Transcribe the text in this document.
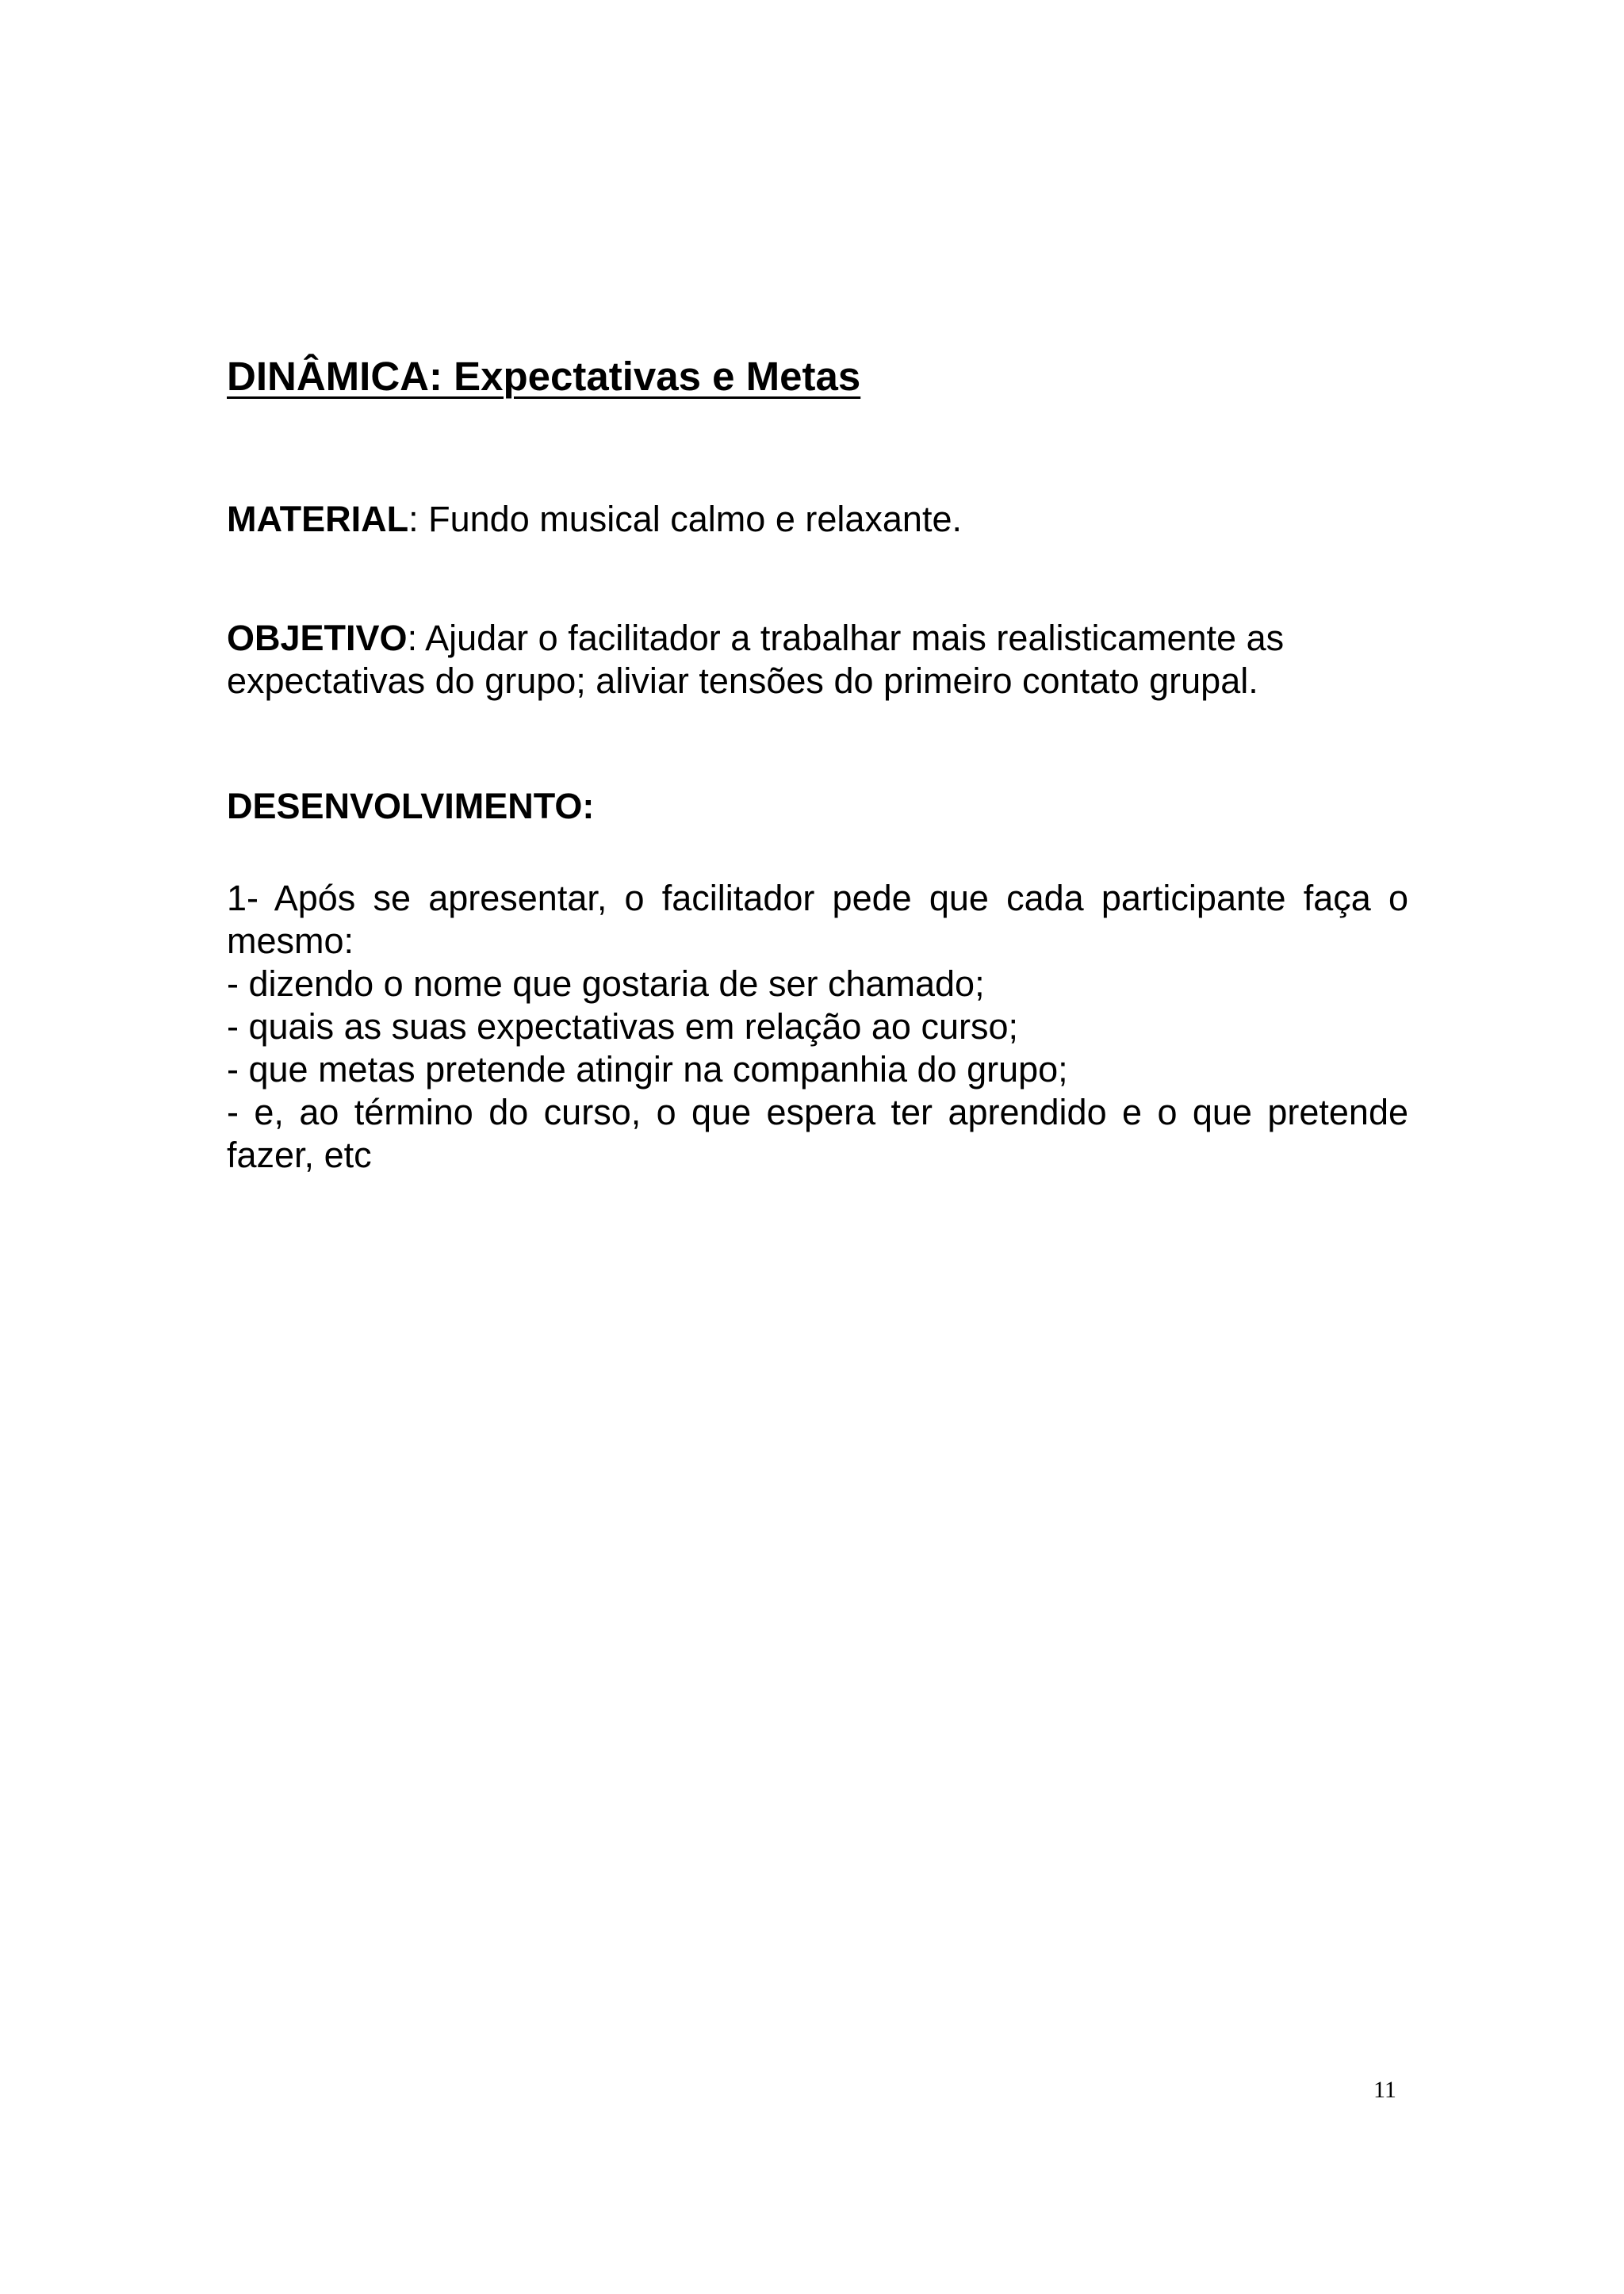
DINÂMICA: Expectativas e Metas

MATERIAL: Fundo musical calmo e relaxante.

OBJETIVO: Ajudar o facilitador a trabalhar mais realisticamente as expectativas do grupo; aliviar tensões do primeiro contato grupal.

DESENVOLVIMENTO:
1- Após se apresentar, o facilitador pede que cada participante faça o mesmo:
- dizendo o nome que gostaria de ser chamado;
- quais as suas expectativas em relação ao curso;
- que metas pretende atingir na companhia do grupo;
- e, ao término do curso, o que espera ter aprendido e o que pretende fazer, etc
11
